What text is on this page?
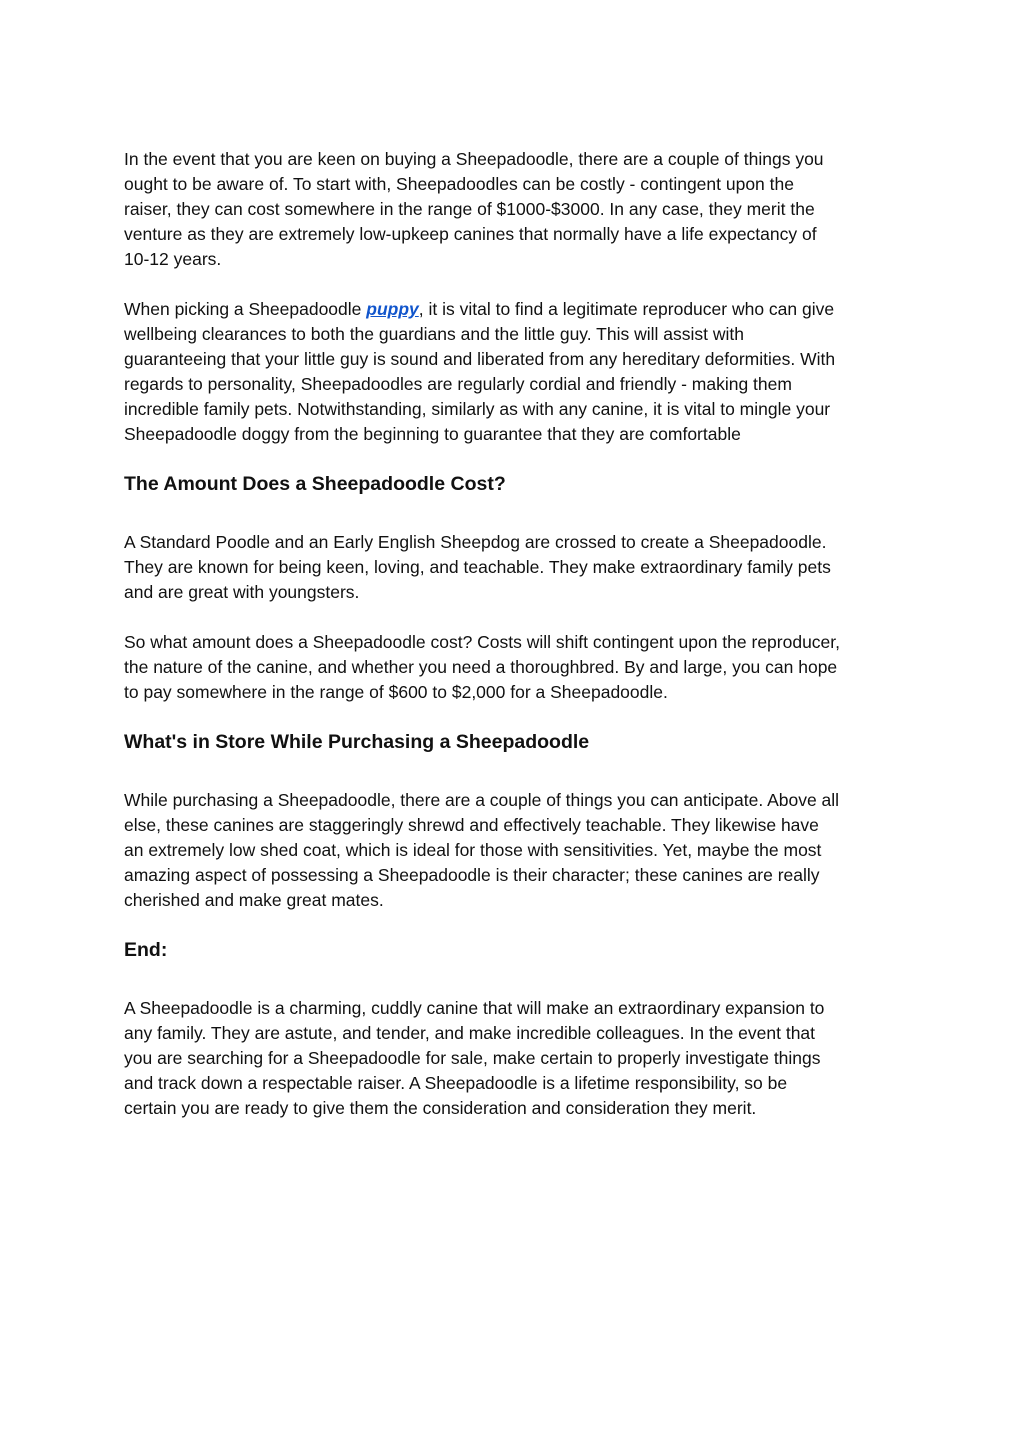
In the event that you are keen on buying a Sheepadoodle, there are a couple of things you
ought to be aware of. To start with, Sheepadoodles can be costly - contingent upon the
raiser, they can cost somewhere in the range of $1000-$3000. In any case, they merit the
venture as they are extremely low-upkeep canines that normally have a life expectancy of
10-12 years.

When picking a Sheepadoodle puppy, it is vital to find a legitimate reproducer who can give
wellbeing clearances to both the guardians and the little guy. This will assist with
guaranteeing that your little guy is sound and liberated from any hereditary deformities. With
regards to personality, Sheepadoodles are regularly cordial and friendly - making them
incredible family pets. Notwithstanding, similarly as with any canine, it is vital to mingle your
Sheepadoodle doggy from the beginning to guarantee that they are comfortable

The Amount Does a Sheepadoodle Cost?

A Standard Poodle and an Early English Sheepdog are crossed to create a Sheepadoodle.
They are known for being keen, loving, and teachable. They make extraordinary family pets
and are great with youngsters.

So what amount does a Sheepadoodle cost? Costs will shift contingent upon the reproducer,
the nature of the canine, and whether you need a thoroughbred. By and large, you can hope
to pay somewhere in the range of $600 to $2,000 for a Sheepadoodle.

What's in Store While Purchasing a Sheepadoodle

While purchasing a Sheepadoodle, there are a couple of things you can anticipate. Above all
else, these canines are staggeringly shrewd and effectively teachable. They likewise have
an extremely low shed coat, which is ideal for those with sensitivities. Yet, maybe the most
amazing aspect of possessing a Sheepadoodle is their character; these canines are really
cherished and make great mates.

End:

A Sheepadoodle is a charming, cuddly canine that will make an extraordinary expansion to
any family. They are astute, and tender, and make incredible colleagues. In the event that
you are searching for a Sheepadoodle for sale, make certain to properly investigate things
and track down a respectable raiser. A Sheepadoodle is a lifetime responsibility, so be
certain you are ready to give them the consideration and consideration they merit.
